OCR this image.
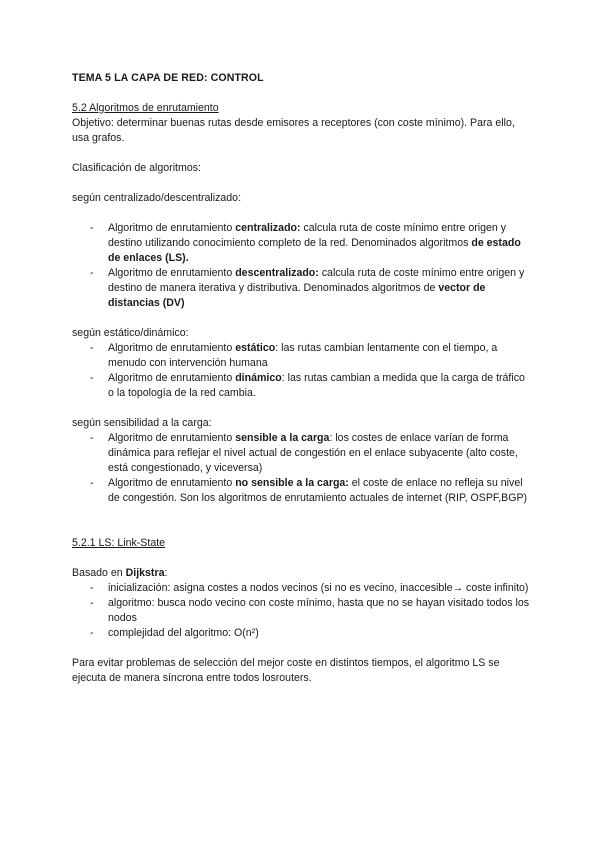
TEMA 5 LA CAPA DE RED: CONTROL

5.2 Algoritmos de enrutamiento

Objetivo: determinar buenas rutas desde emisores a receptores (con coste mínimo). Para ello, usa grafos.

Clasificación de algoritmos:

según centralizado/descentralizado:

- Algoritmo de enrutamiento centralizado: calcula ruta de coste mínimo entre origen y destino utilizando conocimiento completo de la red. Denominados algoritmos de estado de enlaces (LS).
- Algoritmo de enrutamiento descentralizado: calcula ruta de coste mínimo entre origen y destino de manera iterativa y distributiva. Denominados algoritmos de vector de distancias (DV)

según estático/dinámico:

- Algoritmo de enrutamiento estático: las rutas cambian lentamente con el tiempo, a menudo con intervención humana
- Algoritmo de enrutamiento dinámico: las rutas cambian a medida que la carga de tráfico o la topología de la red cambia.

según sensibilidad a la carga:

- Algoritmo de enrutamiento sensible a la carga: los costes de enlace varían de forma dinámica para reflejar el nivel actual de congestión en el enlace subyacente (alto coste, está congestionado, y viceversa)
- Algoritmo de enrutamiento no sensible a la carga: el coste de enlace no refleja su nivel de congestión. Son los algoritmos de enrutamiento actuales de internet (RIP, OSPF,BGP)

5.2.1 LS: Link-State

Basado en Dijkstra:

- inicialización: asigna costes a nodos vecinos (si no es vecino, inaccesible→ coste infinito)
- algoritmo: busca nodo vecino con coste mínimo, hasta que no se hayan visitado todos los nodos
- complejidad del algoritmo: O(n²)

Para evitar problemas de selección del mejor coste en distintos tiempos, el algoritmo LS se ejecuta de manera síncrona entre todos losrouters.
